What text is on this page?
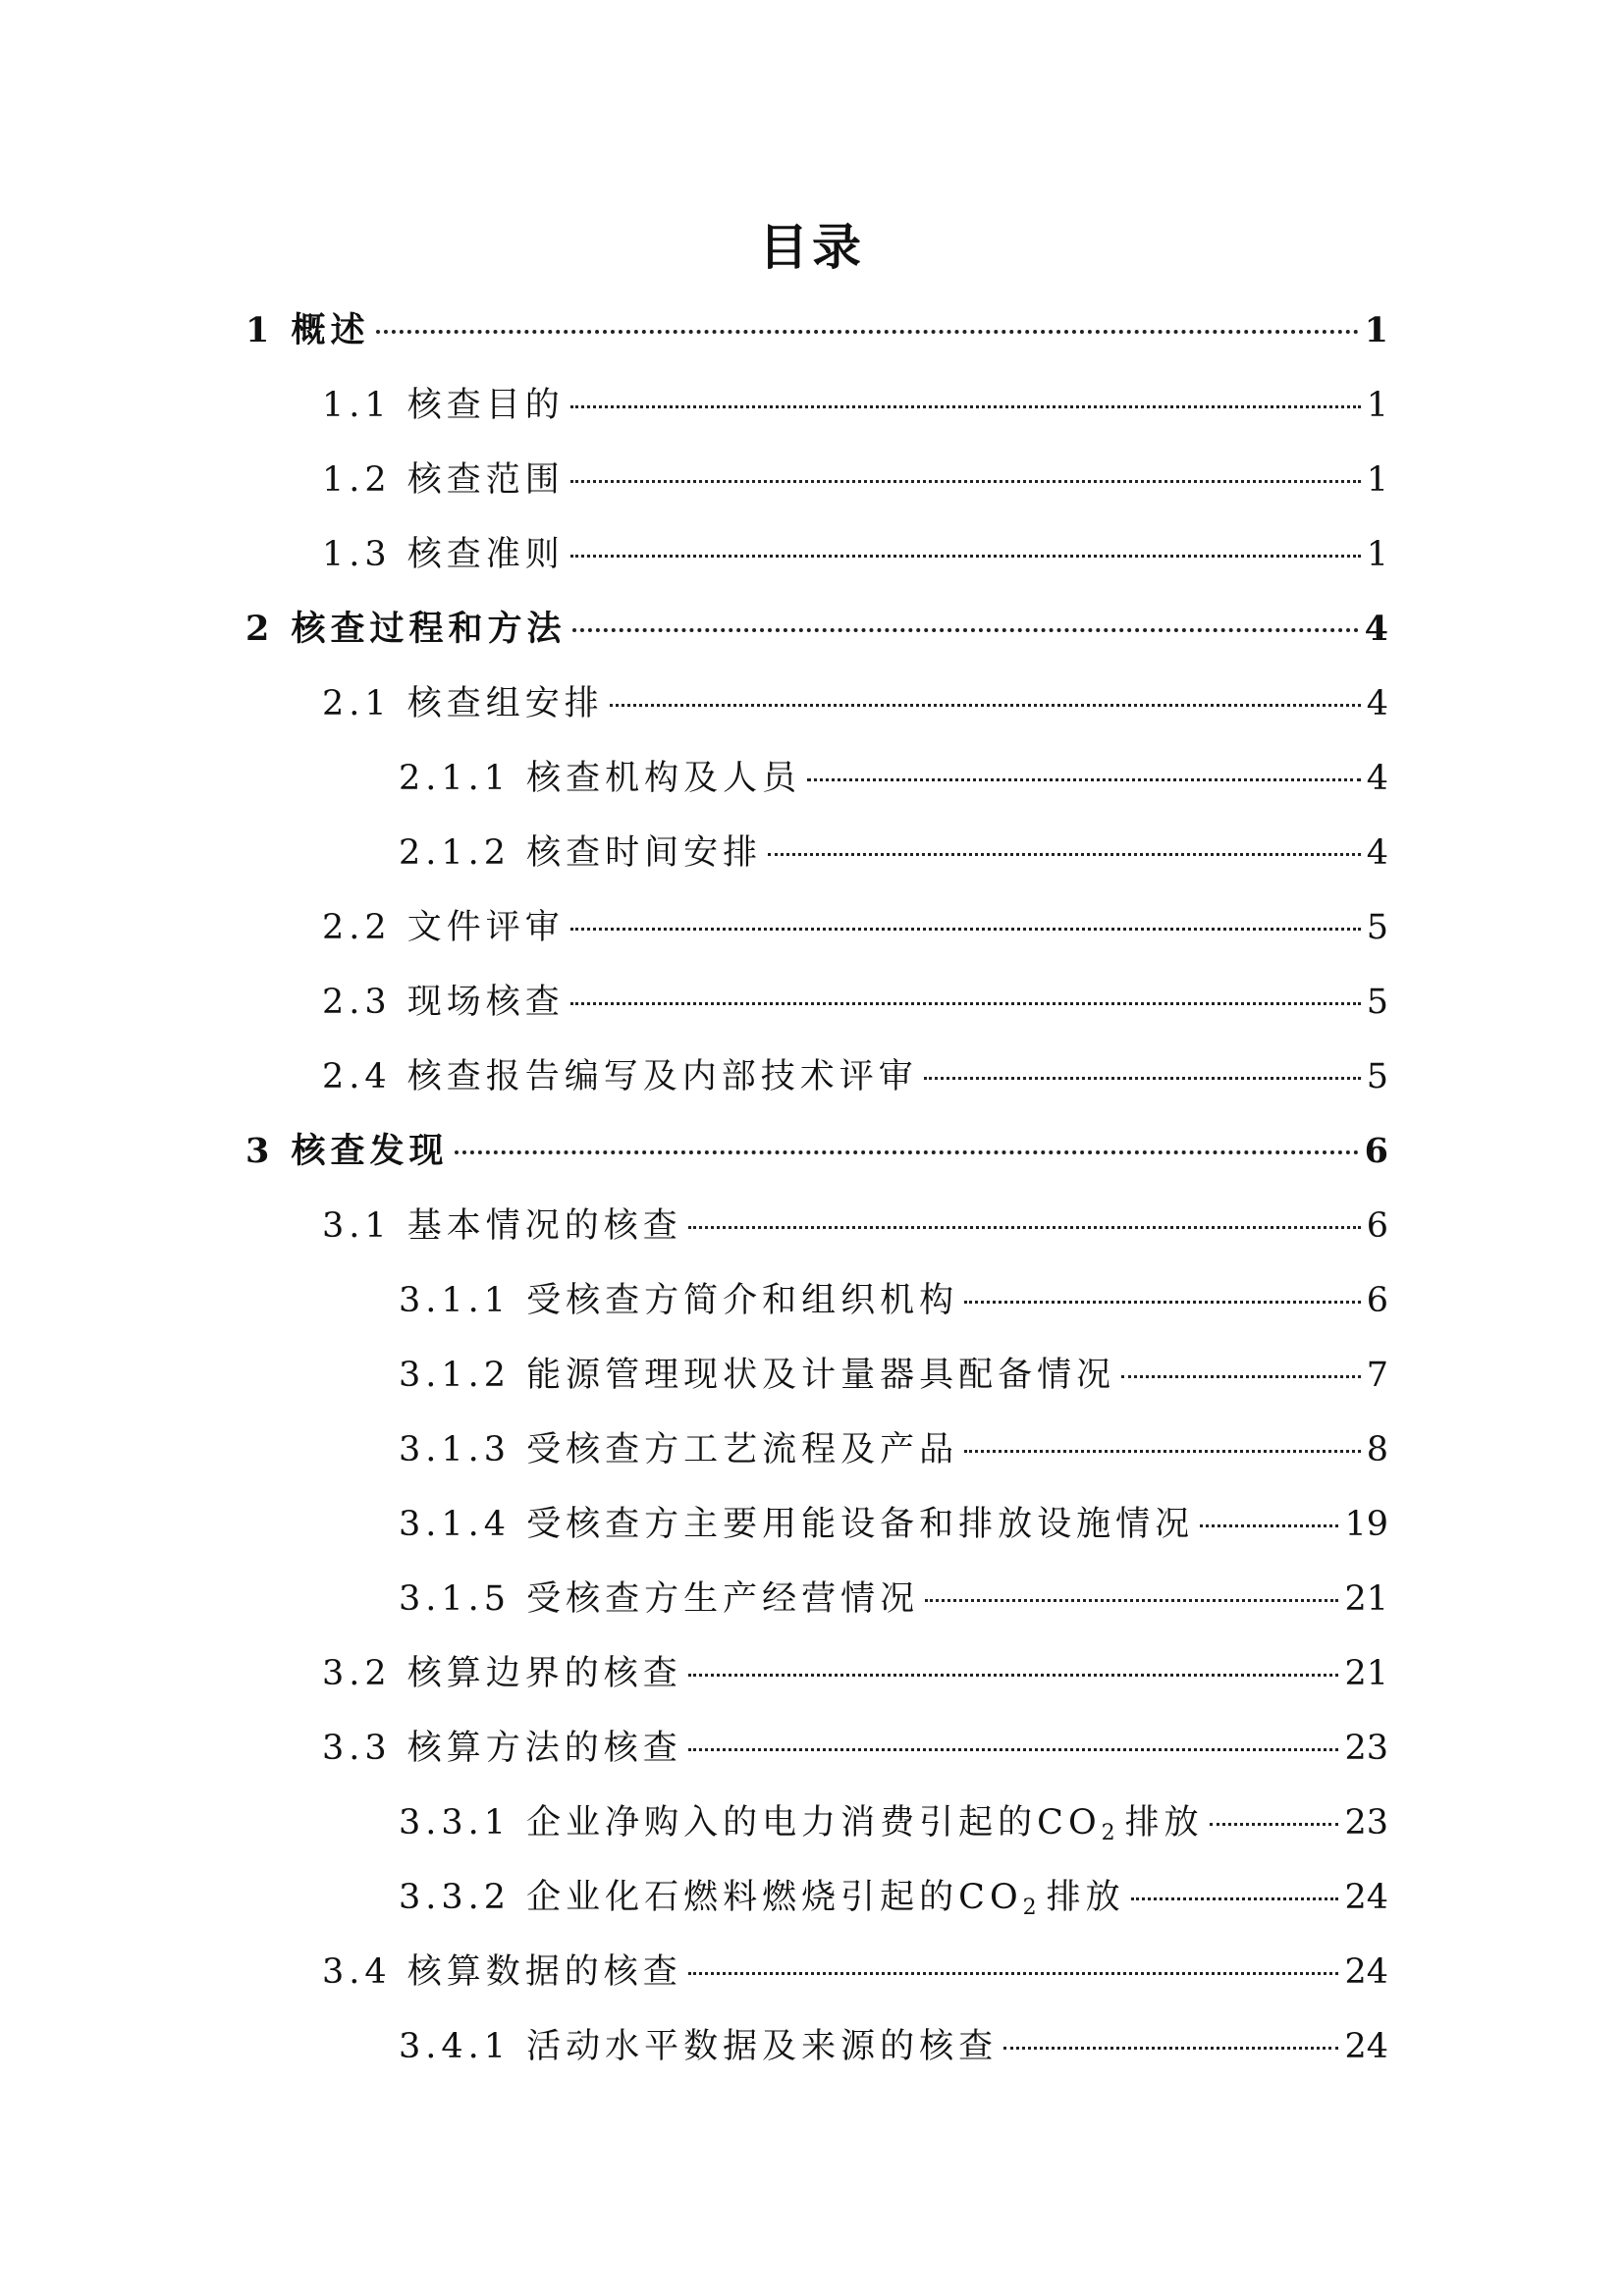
目录
1 概述	1
1.1 核查目的	1
1.2 核查范围	1
1.3 核查准则	1
2 核查过程和方法	4
2.1 核查组安排	4
2.1.1 核查机构及人员	4
2.1.2 核查时间安排	4
2.2 文件评审	5
2.3 现场核查	5
2.4 核查报告编写及内部技术评审	5
3 核查发现	6
3.1 基本情况的核查	6
3.1.1 受核查方简介和组织机构	6
3.1.2 能源管理现状及计量器具配备情况	7
3.1.3 受核查方工艺流程及产品	8
3.1.4 受核查方主要用能设备和排放设施情况	19
3.1.5 受核查方生产经营情况	21
3.2 核算边界的核查	21
3.3 核算方法的核查	23
3.3.1 企业净购入的电力消费引起的$CO_2$ 排放	23
3.3.2 企业化石燃料燃烧引起的$CO_2$ 排放	24
3.4 核算数据的核查	24
3.4.1 活动水平数据及来源的核查	24
